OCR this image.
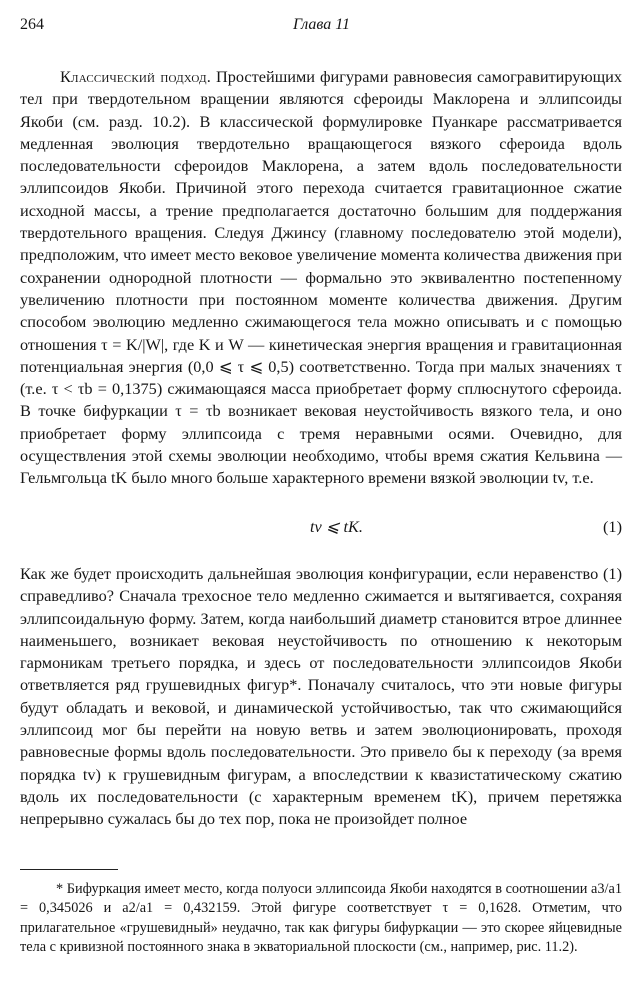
264	Глава 11

Классический подход. Простейшими фигурами равновесия самогравитирующих тел при твердотельном вращении являются сфероиды Маклорена и эллипсоиды Якоби (см. разд. 10.2). В классической формулировке Пуанкаре рассматривается медленная эволюция твердотельно вращающегося вязкого сфероида вдоль последовательности сфероидов Маклорена, а затем вдоль последовательности эллипсоидов Якоби. Причиной этого перехода считается гравитационное сжатие исходной массы, а трение предполагается достаточно большим для поддержания твердотельного вращения. Следуя Джинсу (главному последователю этой модели), предположим, что имеет место вековое увеличение момента количества движения при сохранении однородной плотности — формально это эквивалентно постепенному увеличению плотности при постоянном моменте количества движения. Другим способом эволюцию медленно сжимающегося тела можно описывать и с помощью отношения τ = K/|W|, где K и W — кинетическая энергия вращения и гравитационная потенциальная энергия (0,0 ⩽ τ ⩽ 0,5) соответственно. Тогда при малых значениях τ (т.е. τ < τb = 0,1375) сжимающаяся масса приобретает форму сплюснутого сфероида. В точке бифуркации τ = τb возникает вековая неустойчивость вязкого тела, и оно приобретает форму эллипсоида с тремя неравными осями. Очевидно, для осуществления этой схемы эволюции необходимо, чтобы время сжатия Кельвина — Гельмгольца tK было много больше характерного времени вязкой эволюции tv, т.е.

tv ⩽ tK.	(1)

Как же будет происходить дальнейшая эволюция конфигурации, если неравенство (1) справедливо? Сначала трехосное тело медленно сжимается и вытягивается, сохраняя эллипсоидальную форму. Затем, когда наибольший диаметр становится втрое длиннее наименьшего, возникает вековая неустойчивость по отношению к некоторым гармоникам третьего порядка, и здесь от последовательности эллипсоидов Якоби ответвляется ряд грушевидных фигур*. Поначалу считалось, что эти новые фигуры будут обладать и вековой, и динамической устойчивостью, так что сжимающийся эллипсоид мог бы перейти на новую ветвь и затем эволюционировать, проходя равновесные формы вдоль последовательности. Это привело бы к переходу (за время порядка tv) к грушевидным фигурам, а впоследствии к квазистатическому сжатию вдоль их последовательности (с характерным временем tK), причем перетяжка непрерывно сужалась бы до тех пор, пока не произойдет полное

* Бифуркация имеет место, когда полуоси эллипсоида Якоби находятся в соотношении a3/a1 = 0,345026 и a2/a1 = 0,432159. Этой фигуре соответствует τ = 0,1628. Отметим, что прилагательное «грушевидный» неудачно, так как фигуры бифуркации — это скорее яйцевидные тела с кривизной постоянного знака в экваториальной плоскости (см., например, рис. 11.2).
